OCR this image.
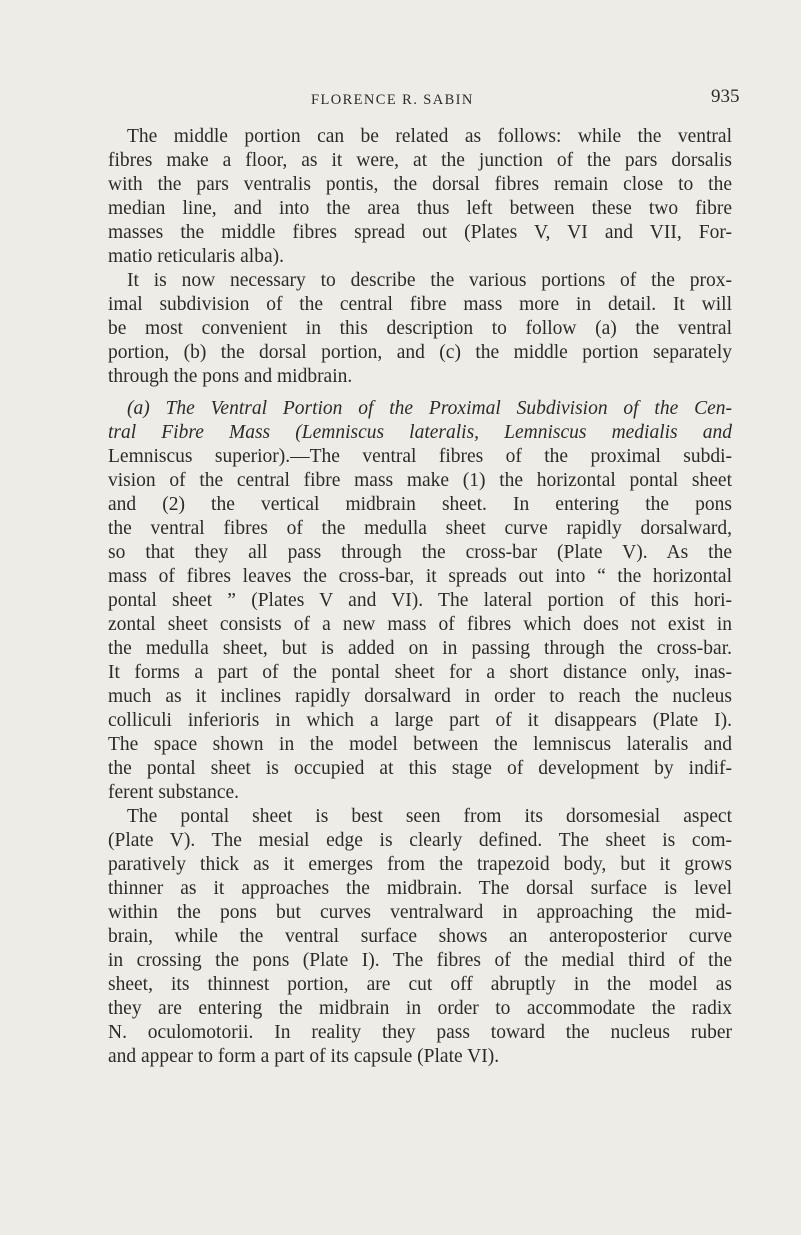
FLORENCE R. SABIN	935
The middle portion can be related as follows: while the ventral
fibres make a floor, as it were, at the junction of the pars dorsalis
with the pars ventralis pontis, the dorsal fibres remain close to the
median line, and into the area thus left between these two fibre
masses the middle fibres spread out (Plates V, VI and VII, For-
matio reticularis alba).
It is now necessary to describe the various portions of the prox-
imal subdivision of the central fibre mass more in detail. It will
be most convenient in this description to follow (a) the ventral
portion, (b) the dorsal portion, and (c) the middle portion separately
through the pons and midbrain.
(a) The Ventral Portion of the Proximal Subdivision of the Cen-
tral Fibre Mass (Lemniscus lateralis, Lemniscus medialis and
Lemniscus superior).—The ventral fibres of the proximal subdi-
vision of the central fibre mass make (1) the horizontal pontal sheet
and (2) the vertical midbrain sheet. In entering the pons
the ventral fibres of the medulla sheet curve rapidly dorsalward,
so that they all pass through the cross-bar (Plate V). As the
mass of fibres leaves the cross-bar, it spreads out into “ the horizontal
pontal sheet ” (Plates V and VI). The lateral portion of this hori-
zontal sheet consists of a new mass of fibres which does not exist in
the medulla sheet, but is added on in passing through the cross-bar.
It forms a part of the pontal sheet for a short distance only, inas-
much as it inclines rapidly dorsalward in order to reach the nucleus
colliculi inferioris in which a large part of it disappears (Plate I).
The space shown in the model between the lemniscus lateralis and
the pontal sheet is occupied at this stage of development by indif-
ferent substance.
The pontal sheet is best seen from its dorsomesial aspect
(Plate V). The mesial edge is clearly defined. The sheet is com-
paratively thick as it emerges from the trapezoid body, but it grows
thinner as it approaches the midbrain. The dorsal surface is level
within the pons but curves ventralward in approaching the mid-
brain, while the ventral surface shows an anteroposterior curve
in crossing the pons (Plate I). The fibres of the medial third of the
sheet, its thinnest portion, are cut off abruptly in the model as
they are entering the midbrain in order to accommodate the radix
N. oculomotorii. In reality they pass toward the nucleus ruber
and appear to form a part of its capsule (Plate VI).
